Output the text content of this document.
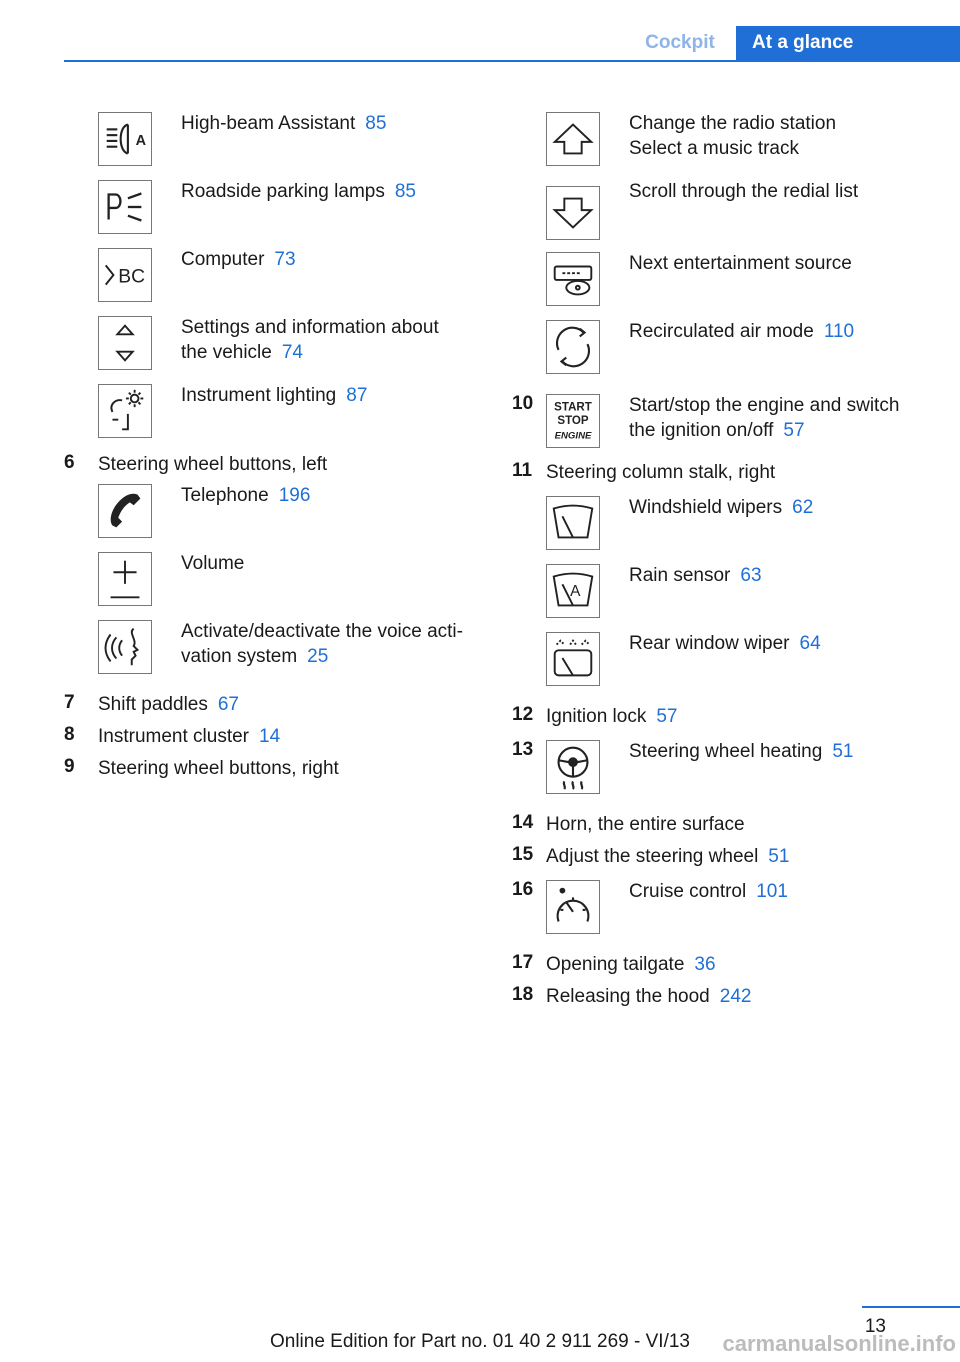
Cockpit	At a glance
A
High-beam Assistant 85
Roadside parking lamps 85
BC
Computer 73
Settings and information about
the vehicle 74
Instrument lighting 87
6	Steering wheel buttons, left
Telephone 196
Volume
Activate/deactivate the voice acti-
vation system 25
7	Shift paddles 67
8	Instrument cluster 14
9	Steering wheel buttons, right
Change the radio station
Select a music track
Scroll through the redial list
Next entertainment source
Recirculated air mode 110
10	START
STOP
ENGINE
Start/stop the engine and switch
the ignition on/off 57
11 Steering column stalk, right
Windshield wipers 62
A
Rain sensor 63
Rear window wiper 64
12 Ignition lock 57
13	Steering wheel heating 51
14 Horn, the entire surface
15 Adjust the steering wheel 51
16	Cruise control 101
17 Opening tailgate 36
18 Releasing the hood 242
13
Online Edition for Part no. 01 40 2 911 269 - VI/13	carmanualsonline.info
